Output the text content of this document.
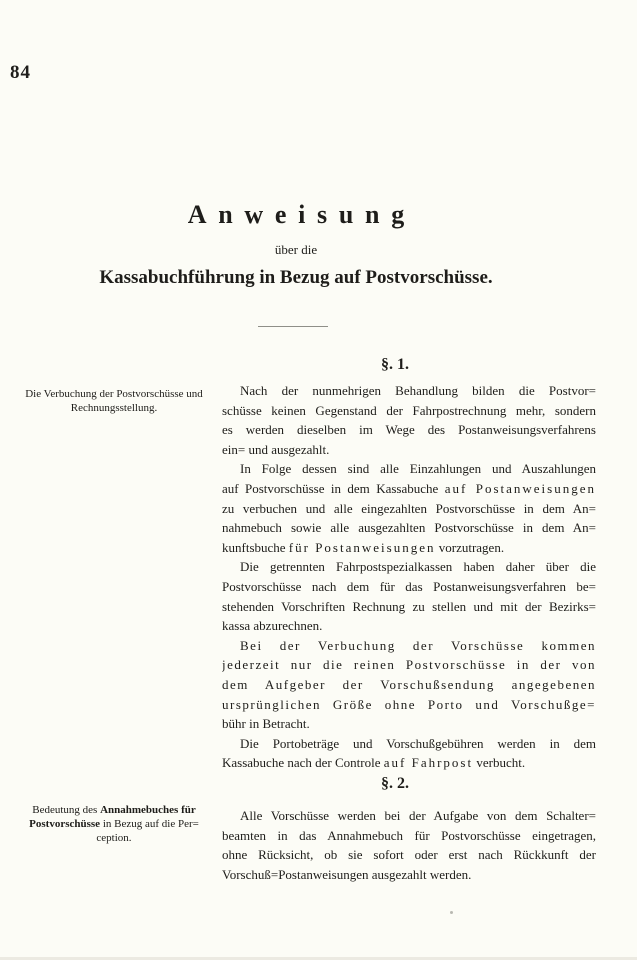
84
Anweisung
über die
Kassabuchführung in Bezug auf Postvorschüsse.
§. 1.
Die Verbuchung der Postvorschüsse und
Rechnungsstellung.
Nach der nunmehrigen Behandlung bilden die Postvor=
schüsse keinen Gegenstand der Fahrpostrechnung mehr, sondern
es werden dieselben im Wege des Postanweisungsverfahrens
ein= und ausgezahlt.
In Folge dessen sind alle Einzahlungen und Auszahlungen
auf Postvorschüsse in dem Kassabuche auf Postanweisungen
zu verbuchen und alle eingezahlten Postvorschüsse in dem An=
nahmebuch sowie alle ausgezahlten Postvorschüsse in dem An=
kunftsbuche für Postanweisungen vorzutragen.
Die getrennten Fahrpostspezialkassen haben daher über die
Postvorschüsse nach dem für das Postanweisungsverfahren be=
stehenden Vorschriften Rechnung zu stellen und mit der Bezirks=
kassa abzurechnen.
Bei der Verbuchung der Vorschüsse kommen
jederzeit nur die reinen Postvorschüsse in der von
dem Aufgeber der Vorschußsendung angegebenen
ursprünglichen Größe ohne Porto und Vorschußge=
bühr in Betracht.
Die Portobeträge und Vorschußgebühren werden in dem
Kassabuche nach der Controle auf Fahrpost verbucht.
§. 2.
Bedeutung des Annahmebuches für
Postvorschüsse in Bezug auf die Per=
ception.
Alle Vorschüsse werden bei der Aufgabe von dem Schalter=
beamten in das Annahmebuch für Postvorschüsse eingetragen,
ohne Rücksicht, ob sie sofort oder erst nach Rückkunft der
Vorschuß=Postanweisungen ausgezahlt werden.
